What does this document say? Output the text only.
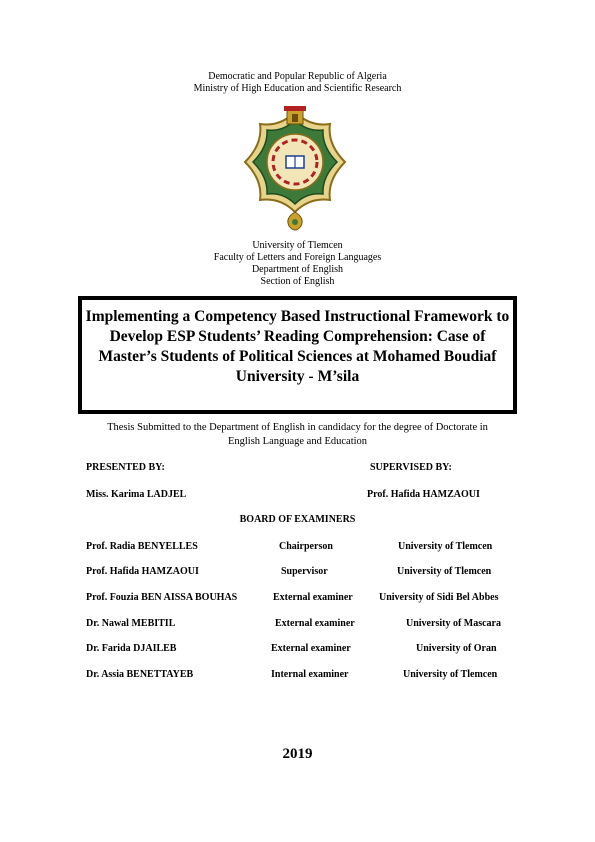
Democratic and Popular Republic of Algeria
Ministry of High Education and Scientific Research
University of Tlemcen
Faculty of Letters and Foreign Languages
Department of English
Section of English
Implementing a Competency Based Instructional Framework to
Develop ESP Students’ Reading Comprehension: Case of
Master’s Students of Political Sciences at Mohamed Boudiaf
University - M’sila
Thesis Submitted to the Department of English in candidacy for the degree of Doctorate in
English Language and Education
PRESENTED BY:	SUPERVISED BY:
Miss. Karima LADJEL	Prof. Hafida HAMZAOUI
BOARD OF EXAMINERS
Prof. Radia BENYELLES	Chairperson	University of Tlemcen
Prof. Hafida HAMZAOUI	Supervisor	University of Tlemcen
Prof. Fouzia BEN AISSA BOUHAS	External examiner	University of Sidi Bel Abbes
Dr. Nawal MEBITIL	External examiner	University of Mascara
Dr. Farida DJAILEB	External examiner	University of Oran
Dr. Assia BENETTAYEB	Internal examiner	University of Tlemcen
2019
